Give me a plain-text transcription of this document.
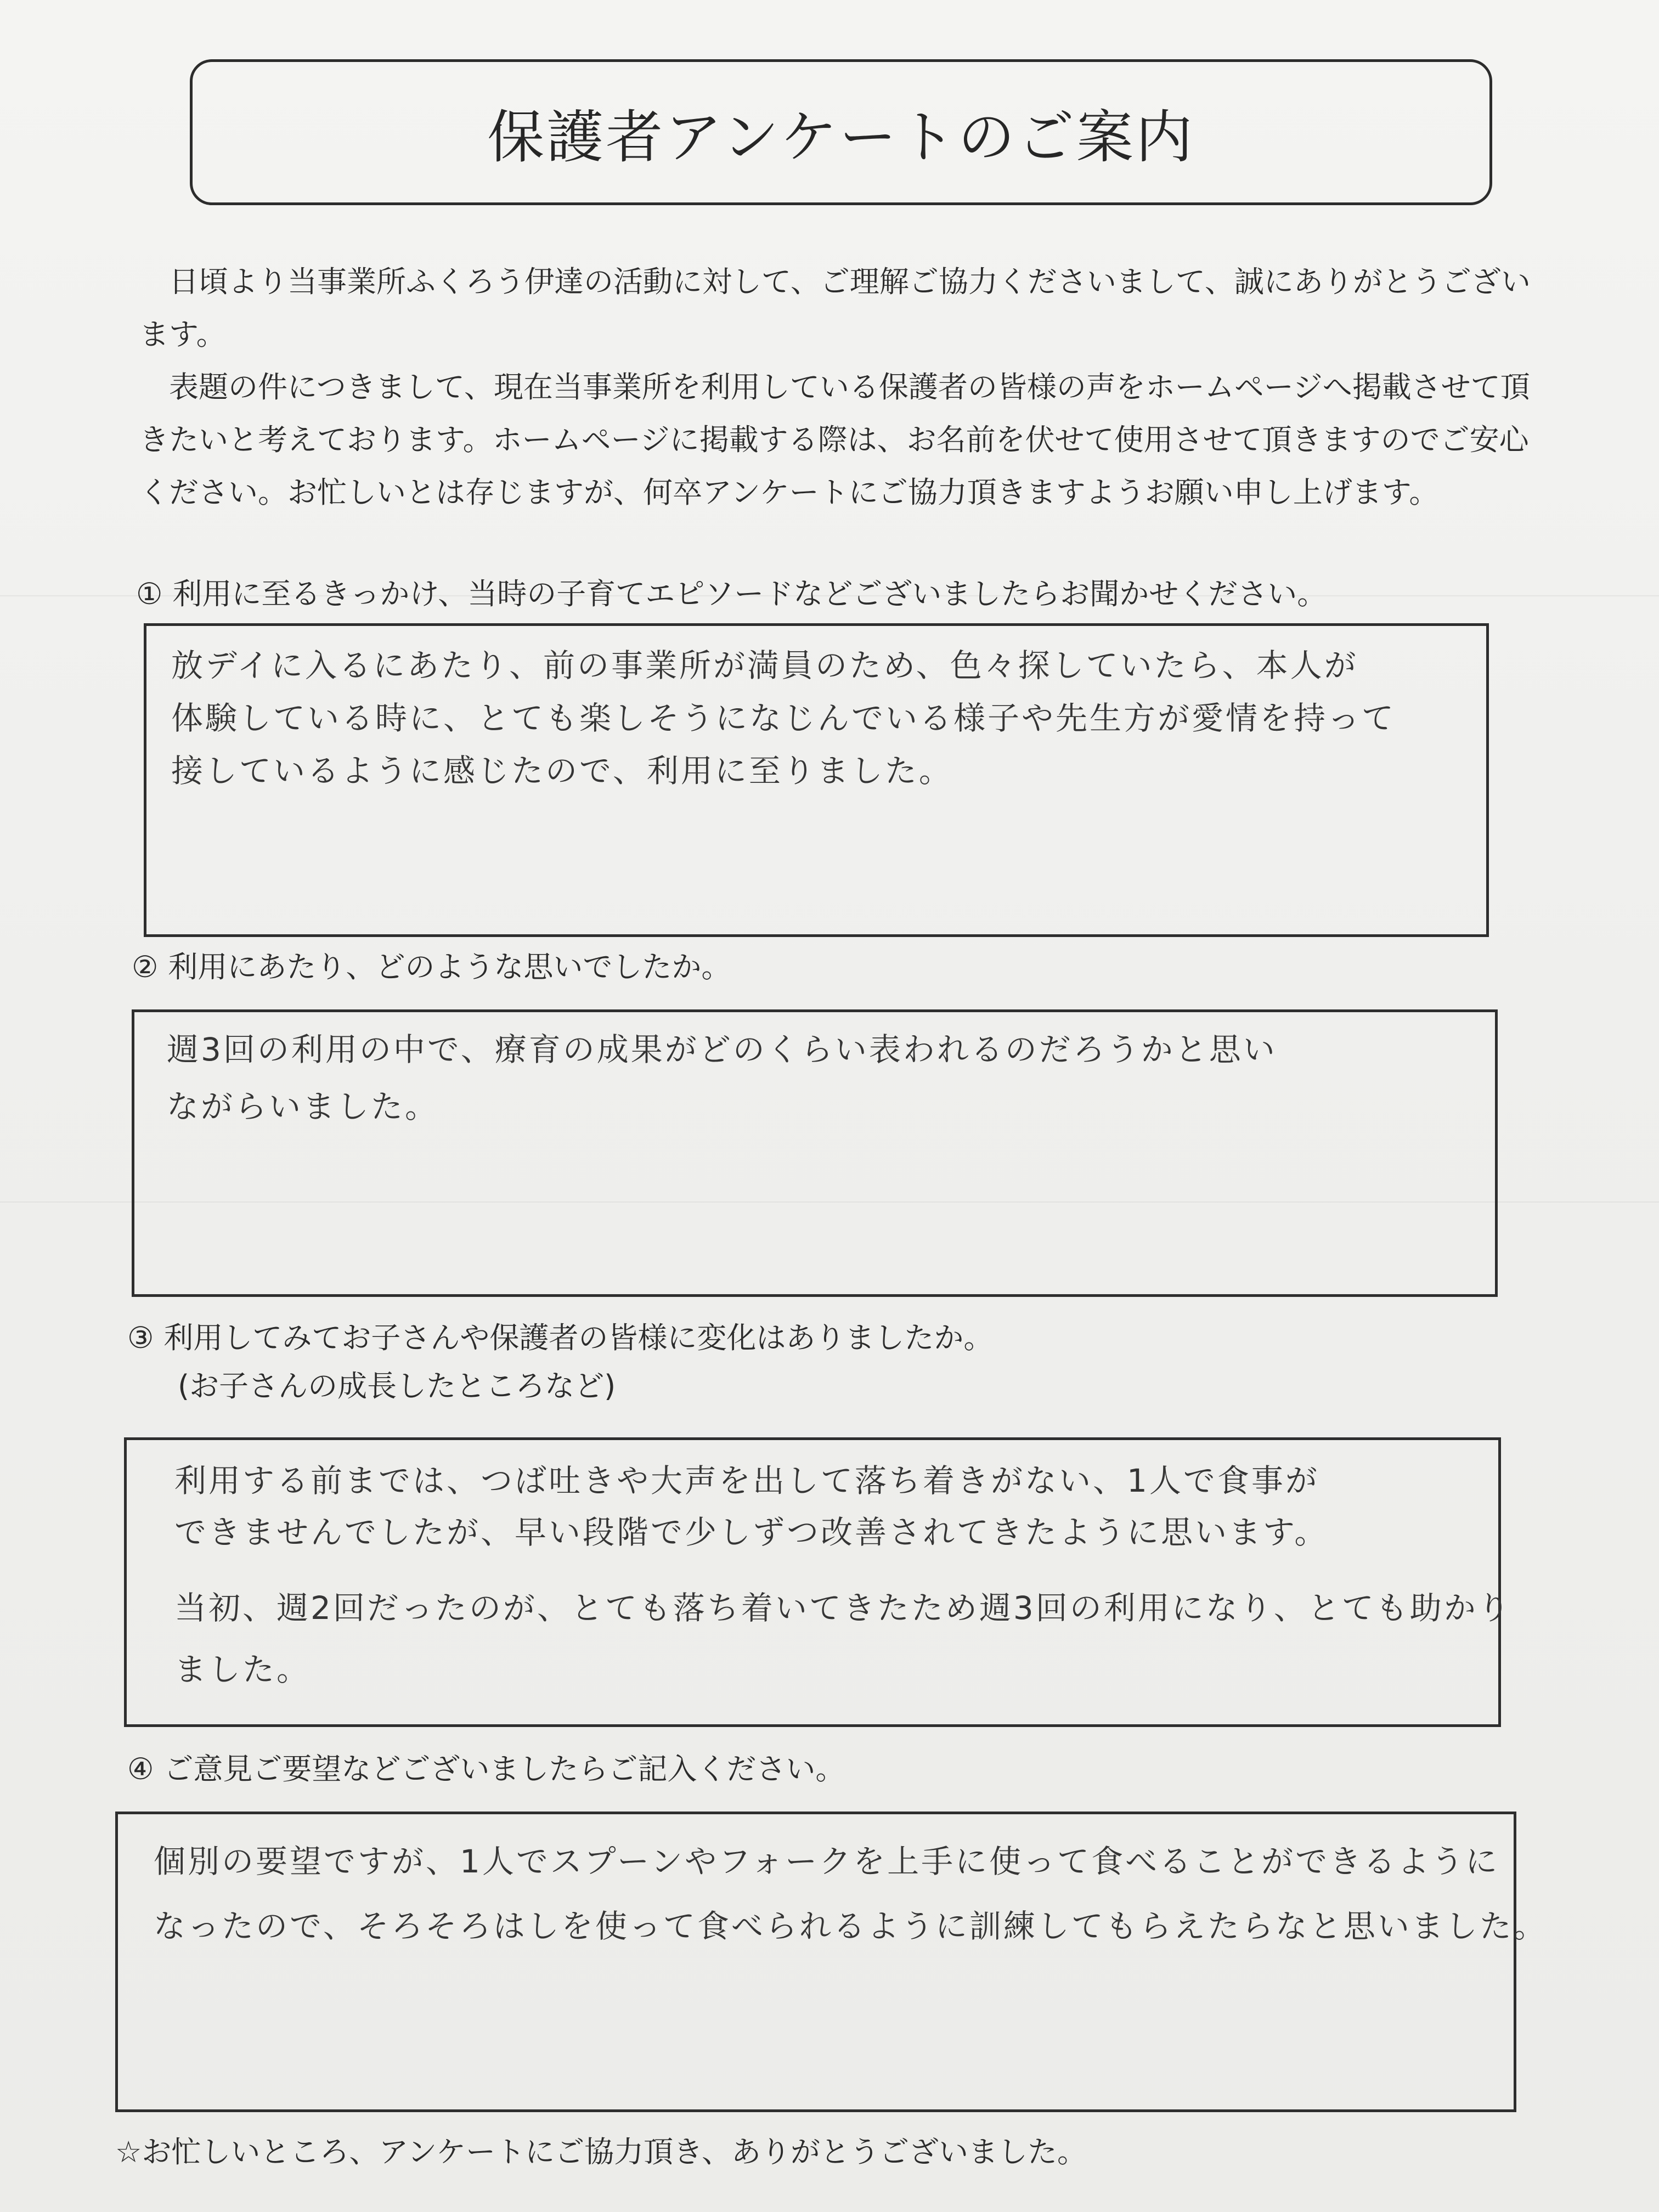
保護者アンケートのご案内

日頃より当事業所ふくろう伊達の活動に対して、ご理解ご協力くださいまして、誠にありがとうございます。

表題の件につきまして、現在当事業所を利用している保護者の皆様の声をホームページへ掲載させて頂きたいと考えております。ホームページに掲載する際は、お名前を伏せて使用させて頂きますのでご安心ください。お忙しいとは存じますが、何卒アンケートにご協力頂きますようお願い申し上げます。

① 利用に至るきっかけ、当時の子育てエピソードなどございましたらお聞かせください。
放デイに入るにあたり、前の事業所が満員のため、色々探していたら、本人が
体験している時に、とても楽しそうになじんでいる様子や先生方が愛情を持って
接しているように感じたので、利用に至りました。
② 利用にあたり、どのような思いでしたか。
週3回の利用の中で、療育の成果がどのくらい表われるのだろうかと思い
ながらいました。
③ 利用してみてお子さんや保護者の皆様に変化はありましたか。
(お子さんの成長したところなど)
利用する前までは、つば吐きや大声を出して落ち着きがない、1人で食事が
できませんでしたが、早い段階で少しずつ改善されてきたように思います。
当初、週2回だったのが、とても落ち着いてきたため週3回の利用になり、とても助かり
ました。
④ ご意見ご要望などございましたらご記入ください。
個別の要望ですが、1人でスプーンやフォークを上手に使って食べることができるように
なったので、そろそろはしを使って食べられるように訓練してもらえたらなと思いました。
☆お忙しいところ、アンケートにご協力頂き、ありがとうございました。
